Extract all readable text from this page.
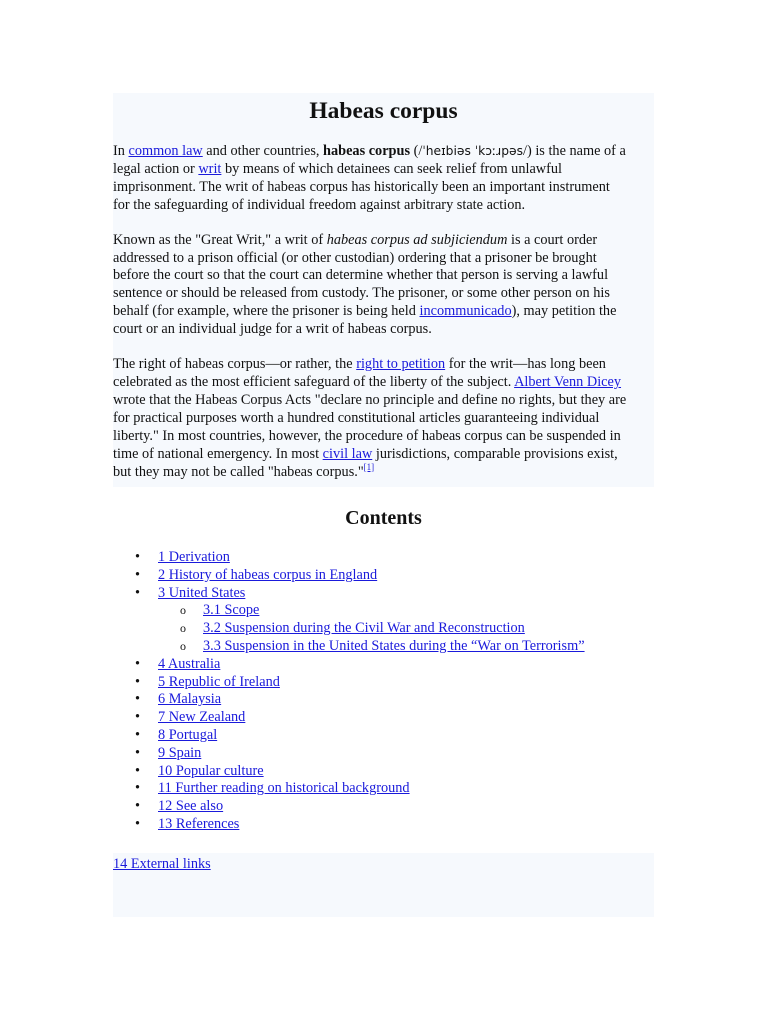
Habeas corpus

In common law and other countries, habeas corpus (/ˈheɪbiəs ˈkɔːɹpəs/) is the name of a
legal action or writ by means of which detainees can seek relief from unlawful
imprisonment. The writ of habeas corpus has historically been an important instrument
for the safeguarding of individual freedom against arbitrary state action.

Known as the "Great Writ," a writ of habeas corpus ad subjiciendum is a court order
addressed to a prison official (or other custodian) ordering that a prisoner be brought
before the court so that the court can determine whether that person is serving a lawful
sentence or should be released from custody. The prisoner, or some other person on his
behalf (for example, where the prisoner is being held incommunicado), may petition the
court or an individual judge for a writ of habeas corpus.

The right of habeas corpus—or rather, the right to petition for the writ—has long been
celebrated as the most efficient safeguard of the liberty of the subject. Albert Venn Dicey
wrote that the Habeas Corpus Acts "declare no principle and define no rights, but they are
for practical purposes worth a hundred constitutional articles guaranteeing individual
liberty." In most countries, however, the procedure of habeas corpus can be suspended in
time of national emergency. In most civil law jurisdictions, comparable provisions exist,
but they may not be called "habeas corpus."[1]

Contents
• 1 Derivation
• 2 History of habeas corpus in England
• 3 United States
o 3.1 Scope
o 3.2 Suspension during the Civil War and Reconstruction
o 3.3 Suspension in the United States during the “War on Terrorism”
• 4 Australia
• 5 Republic of Ireland
• 6 Malaysia
• 7 New Zealand
• 8 Portugal
• 9 Spain
• 10 Popular culture
• 11 Further reading on historical background
• 12 See also
• 13 References
14 External links
